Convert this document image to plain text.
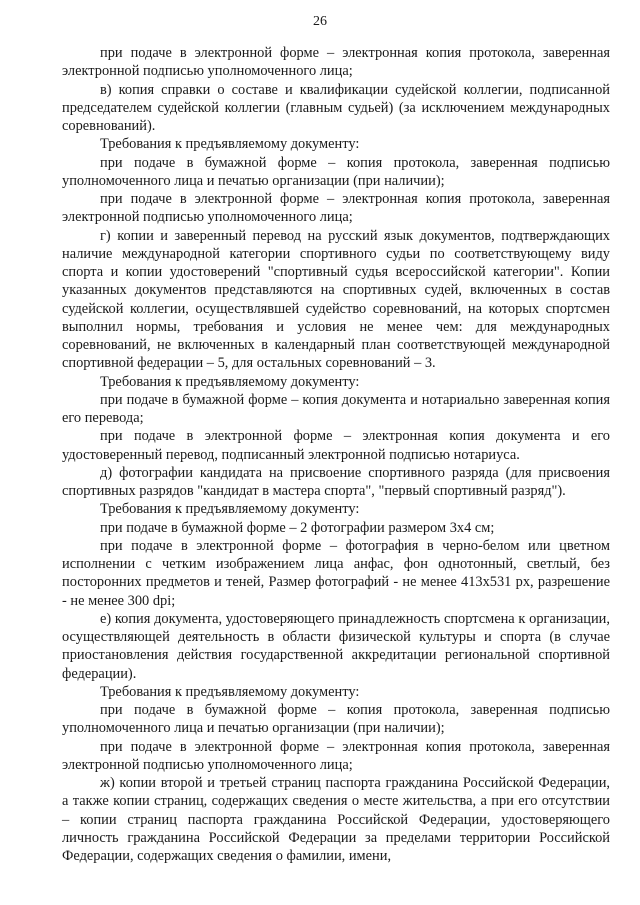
26

при подаче в электронной форме – электронная копия протокола, заверенная электронной подписью уполномоченного лица;

в) копия справки о составе и квалификации судейской коллегии, подписанной председателем судейской коллегии (главным судьей) (за исключением международных соревнований).

Требования к предъявляемому документу:

при подаче в бумажной форме – копия протокола, заверенная подписью уполномоченного лица и печатью организации (при наличии);

при подаче в электронной форме – электронная копия протокола, заверенная электронной подписью уполномоченного лица;

г) копии и заверенный перевод на русский язык документов, подтверждающих наличие международной категории спортивного судьи по соответствующему виду спорта и копии удостоверений "спортивный судья всероссийской категории". Копии указанных документов представляются на спортивных судей, включенных в состав судейской коллегии, осуществлявшей судейство соревнований, на которых спортсмен выполнил нормы, требования и условия не менее чем: для международных соревнований, не включенных в календарный план соответствующей международной спортивной федерации – 5, для остальных соревнований – 3.

Требования к предъявляемому документу:

при подаче в бумажной форме – копия документа и нотариально заверенная копия его перевода;

при подаче в электронной форме – электронная копия документа и его удостоверенный перевод, подписанный электронной подписью нотариуса.

д) фотографии кандидата на присвоение спортивного разряда (для присвоения спортивных разрядов "кандидат в мастера спорта", "первый спортивный разряд").

Требования к предъявляемому документу:

при подаче в бумажной форме – 2 фотографии размером 3х4 см;

при подаче в электронной форме – фотография в черно-белом или цветном исполнении с четким изображением лица анфас, фон однотонный, светлый, без посторонних предметов и теней, Размер фотографий - не менее 413х531 px, разрешение - не менее 300 dpi;

е) копия документа, удостоверяющего принадлежность спортсмена к организации, осуществляющей деятельность в области физической культуры и спорта (в случае приостановления действия государственной аккредитации региональной спортивной федерации).

Требования к предъявляемому документу:

при подаче в бумажной форме – копия протокола, заверенная подписью уполномоченного лица и печатью организации (при наличии);

при подаче в электронной форме – электронная копия протокола, заверенная электронной подписью уполномоченного лица;

ж) копии второй и третьей страниц паспорта гражданина Российской Федерации, а также копии страниц, содержащих сведения о месте жительства, а при его отсутствии – копии страниц паспорта гражданина Российской Федерации, удостоверяющего личность гражданина Российской Федерации за пределами территории Российской Федерации, содержащих сведения о фамилии, имени,
